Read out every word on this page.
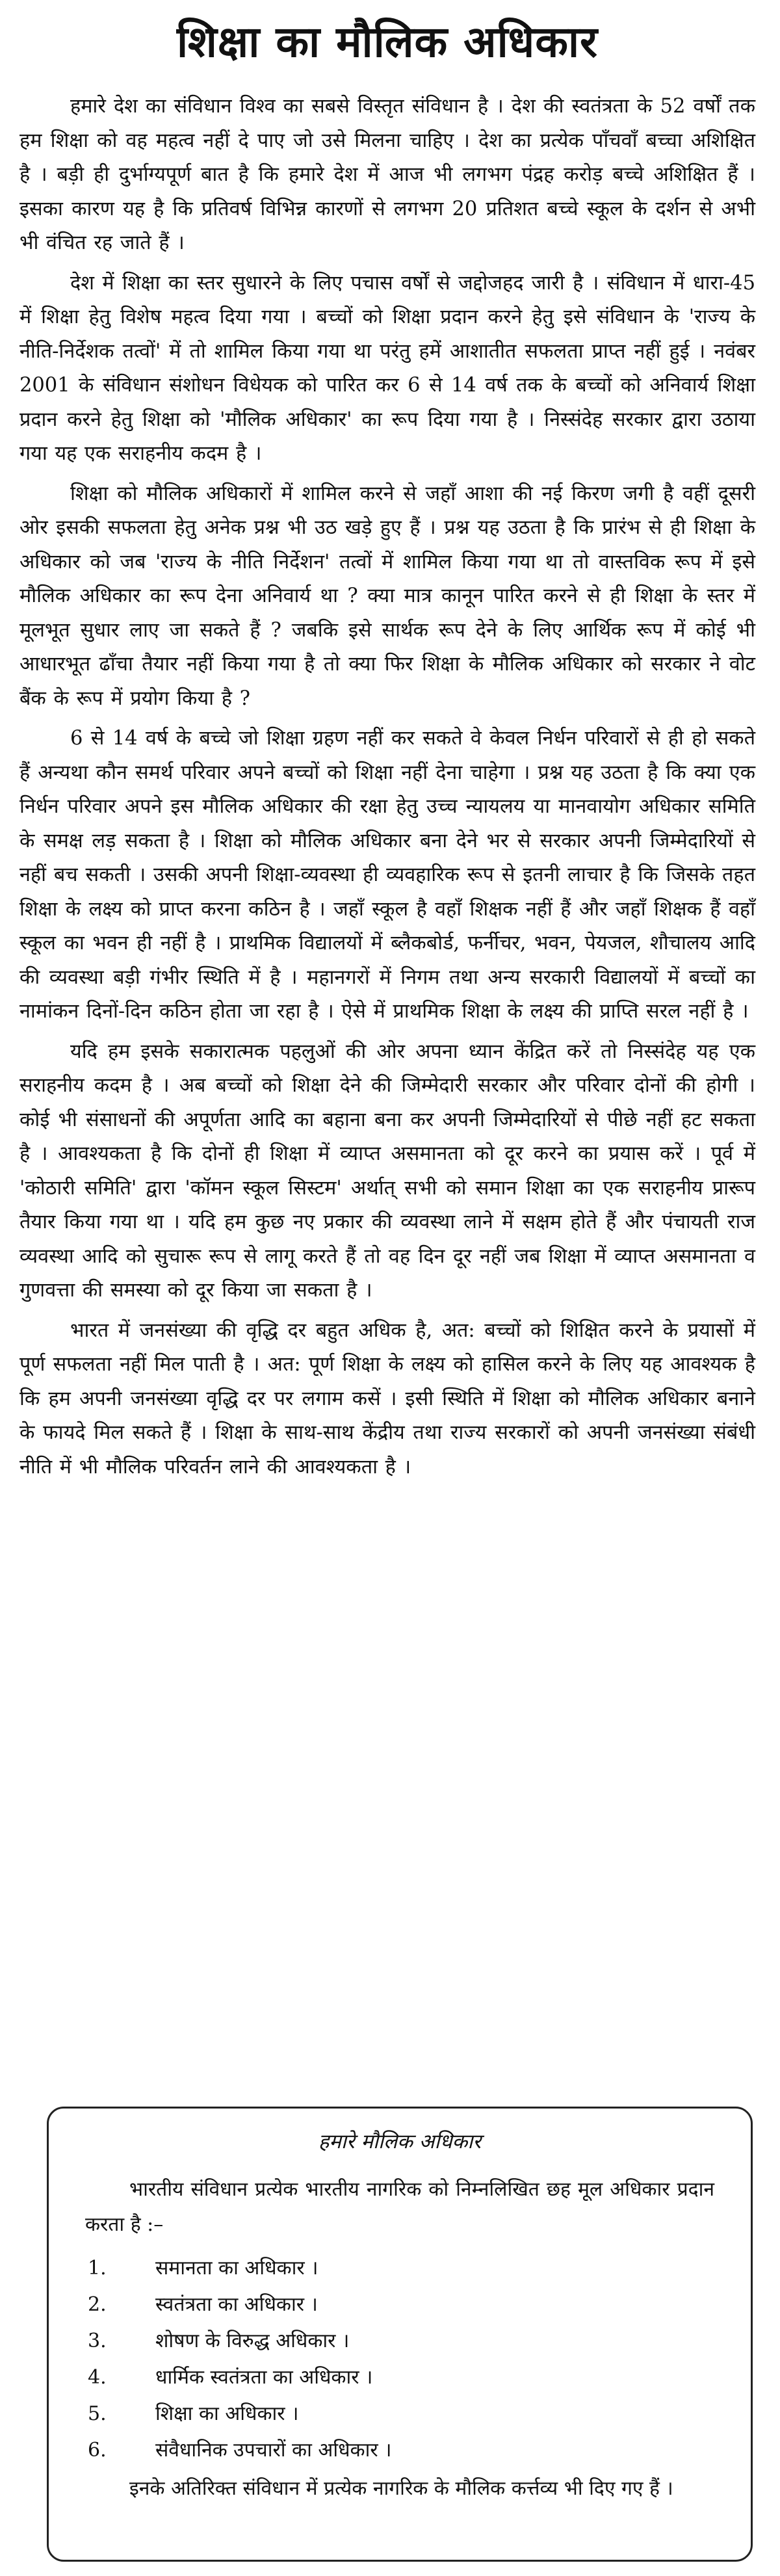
शिक्षा का मौलिक अधिकार

हमारे देश का संविधान विश्व का सबसे विस्तृत संविधान है । देश की स्वतंत्रता के 52 वर्षों तक हम शिक्षा को वह महत्व नहीं दे पाए जो उसे मिलना चाहिए । देश का प्रत्येक पाँचवाँ बच्चा अशिक्षित है । बड़ी ही दुर्भाग्यपूर्ण बात है कि हमारे देश में आज भी लगभग पंद्रह करोड़ बच्चे अशिक्षित हैं । इसका कारण यह है कि प्रतिवर्ष विभिन्न कारणों से लगभग 20 प्रतिशत बच्चे स्कूल के दर्शन से अभी भी वंचित रह जाते हैं ।

देश में शिक्षा का स्तर सुधारने के लिए पचास वर्षों से जद्दोजहद जारी है । संविधान में धारा-45 में शिक्षा हेतु विशेष महत्व दिया गया । बच्चों को शिक्षा प्रदान करने हेतु इसे संविधान के 'राज्य के नीति-निर्देशक तत्वों' में तो शामिल किया गया था परंतु हमें आशातीत सफलता प्राप्त नहीं हुई । नवंबर 2001 के संविधान संशोधन विधेयक को पारित कर 6 से 14 वर्ष तक के बच्चों को अनिवार्य शिक्षा प्रदान करने हेतु शिक्षा को 'मौलिक अधिकार' का रूप दिया गया है । निस्संदेह सरकार द्वारा उठाया गया यह एक सराहनीय कदम है ।

शिक्षा को मौलिक अधिकारों में शामिल करने से जहाँ आशा की नई किरण जगी है वहीं दूसरी ओर इसकी सफलता हेतु अनेक प्रश्न भी उठ खड़े हुए हैं । प्रश्न यह उठता है कि प्रारंभ से ही शिक्षा के अधिकार को जब 'राज्य के नीति निर्देशन' तत्वों में शामिल किया गया था तो वास्तविक रूप में इसे मौलिक अधिकार का रूप देना अनिवार्य था ? क्या मात्र कानून पारित करने से ही शिक्षा के स्तर में मूलभूत सुधार लाए जा सकते हैं ? जबकि इसे सार्थक रूप देने के लिए आर्थिक रूप में कोई भी आधारभूत ढाँचा तैयार नहीं किया गया है तो क्या फिर शिक्षा के मौलिक अधिकार को सरकार ने वोट बैंक के रूप में प्रयोग किया है ?

6 से 14 वर्ष के बच्चे जो शिक्षा ग्रहण नहीं कर सकते वे केवल निर्धन परिवारों से ही हो सकते हैं अन्यथा कौन समर्थ परिवार अपने बच्चों को शिक्षा नहीं देना चाहेगा । प्रश्न यह उठता है कि क्या एक निर्धन परिवार अपने इस मौलिक अधिकार की रक्षा हेतु उच्च न्यायलय या मानवायोग अधिकार समिति के समक्ष लड़ सकता है । शिक्षा को मौलिक अधिकार बना देने भर से सरकार अपनी जिम्मेदारियों से नहीं बच सकती । उसकी अपनी शिक्षा-व्यवस्था ही व्यवहारिक रूप से इतनी लाचार है कि जिसके तहत शिक्षा के लक्ष्य को प्राप्त करना कठिन है । जहाँ स्कूल है वहाँ शिक्षक नहीं हैं और जहाँ शिक्षक हैं वहाँ स्कूल का भवन ही नहीं है । प्राथमिक विद्यालयों में ब्लैकबोर्ड, फर्नीचर, भवन, पेयजल, शौचालय आदि की व्यवस्था बड़ी गंभीर स्थिति में है । महानगरों में निगम तथा अन्य सरकारी विद्यालयों में बच्चों का नामांकन दिनों-दिन कठिन होता जा रहा है । ऐसे में प्राथमिक शिक्षा के लक्ष्य की प्राप्ति सरल नहीं है ।

यदि हम इसके सकारात्मक पहलुओं की ओर अपना ध्यान केंद्रित करें तो निस्संदेह यह एक सराहनीय कदम है । अब बच्चों को शिक्षा देने की जिम्मेदारी सरकार और परिवार दोनों की होगी । कोई भी संसाधनों की अपूर्णता आदि का बहाना बना कर अपनी जिम्मेदारियों से पीछे नहीं हट सकता है । आवश्यकता है कि दोनों ही शिक्षा में व्याप्त असमानता को दूर करने का प्रयास करें । पूर्व में 'कोठारी समिति' द्वारा 'कॉमन स्कूल सिस्टम' अर्थात् सभी को समान शिक्षा का एक सराहनीय प्रारूप तैयार किया गया था । यदि हम कुछ नए प्रकार की व्यवस्था लाने में सक्षम होते हैं और पंचायती राज व्यवस्था आदि को सुचारू रूप से लागू करते हैं तो वह दिन दूर नहीं जब शिक्षा में व्याप्त असमानता व गुणवत्ता की समस्या को दूर किया जा सकता है ।

भारत में जनसंख्या की वृद्धि दर बहुत अधिक है, अत: बच्चों को शिक्षित करने के प्रयासों में पूर्ण सफलता नहीं मिल पाती है । अत: पूर्ण शिक्षा के लक्ष्य को हासिल करने के लिए यह आवश्यक है कि हम अपनी जनसंख्या वृद्धि दर पर लगाम कसें । इसी स्थिति में शिक्षा को मौलिक अधिकार बनाने के फायदे मिल सकते हैं । शिक्षा के साथ-साथ केंद्रीय तथा राज्य सरकारों को अपनी जनसंख्या संबंधी नीति में भी मौलिक परिवर्तन लाने की आवश्यकता है ।

हमारे मौलिक अधिकार

भारतीय संविधान प्रत्येक भारतीय नागरिक को निम्नलिखित छह मूल अधिकार प्रदान करता है :–

1.	समानता का अधिकार ।
2.	स्वतंत्रता का अधिकार ।
3.	शोषण के विरुद्ध अधिकार ।
4.	धार्मिक स्वतंत्रता का अधिकार ।
5.	शिक्षा का अधिकार ।
6.	संवैधानिक उपचारों का अधिकार ।

इनके अतिरिक्त संविधान में प्रत्येक नागरिक के मौलिक कर्त्तव्य भी दिए गए हैं ।
